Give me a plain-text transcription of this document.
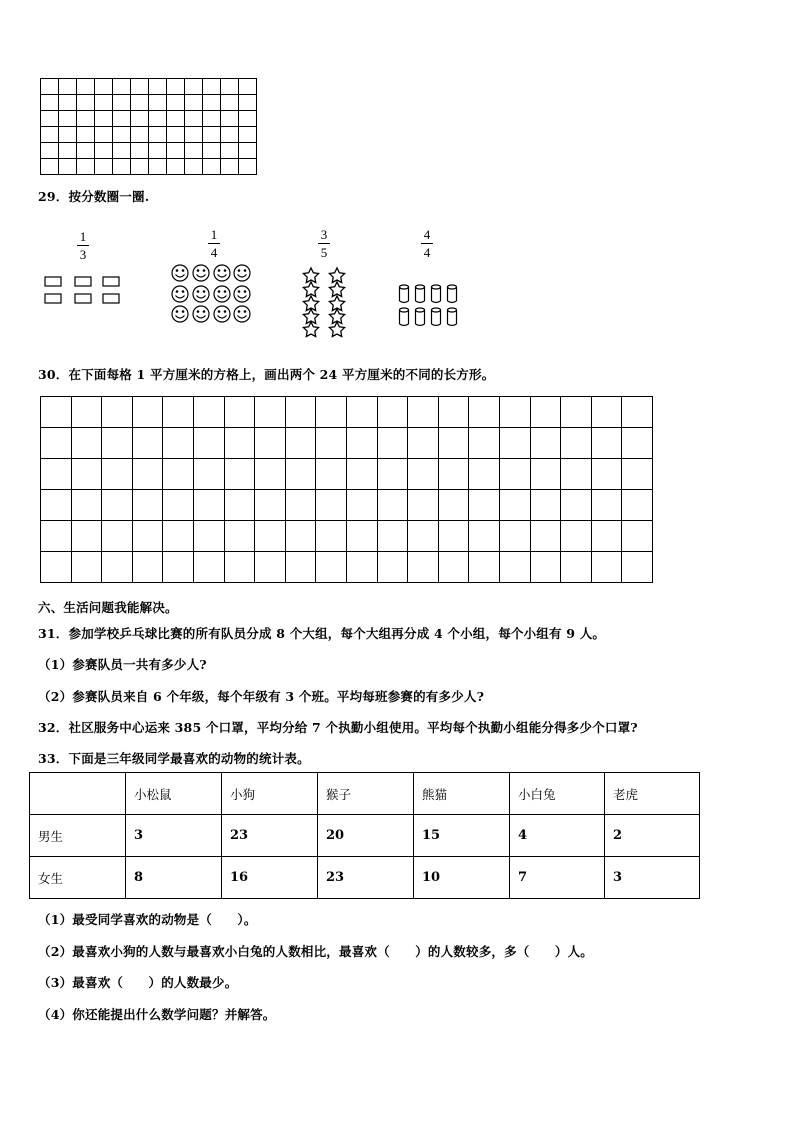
29．按分数圈一圈.
1
3
1
4
3
5
4
4
30．在下面每格 1 平方厘米的方格上，画出两个 24 平方厘米的不同的长方形。

六、生活问题我能解决。
31．参加学校乒乓球比赛的所有队员分成 8 个大组，每个大组再分成 4 个小组，每个小组有 9 人。
（1）参赛队员一共有多少人?
（2）参赛队员来自 6 个年级，每个年级有 3 个班。平均每班参赛的有多少人?
32．社区服务中心运来 385 个口罩，平均分给 7 个执勤小组使用。平均每个执勤小组能分得多少个口罩?
33．下面是三年级同学最喜欢的动物的统计表。
	小松鼠	小狗	猴子	熊猫	小白兔	老虎
男生	3	23	20	15	4	2
女生	8	16	23	10	7	3
（1）最受同学喜欢的动物是（　　）。
（2）最喜欢小狗的人数与最喜欢小白兔的人数相比，最喜欢（　　）的人数较多，多（　　）人。
（3）最喜欢（　　）的人数最少。
（4）你还能提出什么数学问题？并解答。
